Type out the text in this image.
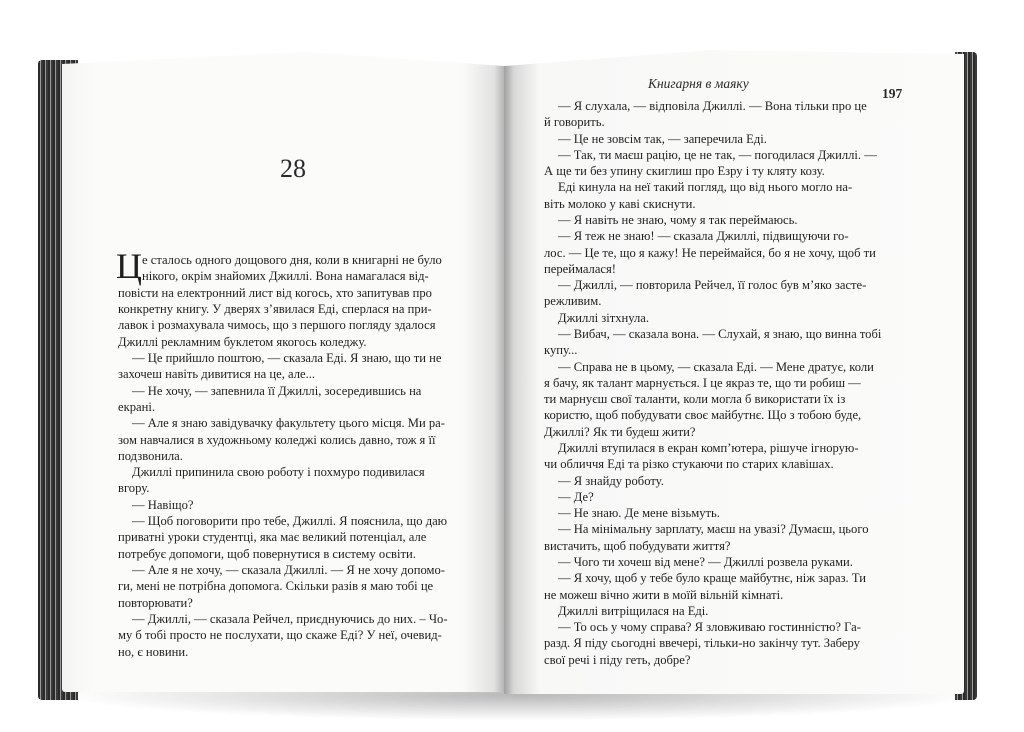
28
Ц
Книгарня в маяку
197
е сталось одного дощового дня, коли в книгарні не було
нікого, окрім знайомих Джиллі. Вона намагалася від-
повісти на електронний лист від когось, хто запитував про
конкретну книгу. У дверях з’явилася Еді, сперлася на при-
лавок і розмахувала чимось, що з першого погляду здалося
Джиллі рекламним буклетом якогось коледжу.
— Це прийшло поштою, — сказала Еді. Я знаю, що ти не
захочеш навіть дивитися на це, але...
— Не хочу, — запевнила її Джиллі, зосередившись на
екрані.
— Але я знаю завідувачку факультету цього місця. Ми ра-
зом навчалися в художньому коледжі колись давно, тож я її
подзвонила.
Джиллі припинила свою роботу і похмуро подивилася
вгору.
— Навіщо?
— Щоб поговорити про тебе, Джиллі. Я пояснила, що даю
приватні уроки студентці, яка має великий потенціал, але
потребує допомоги, щоб повернутися в систему освіти.
— Але я не хочу, — сказала Джиллі. — Я не хочу допомо-
ги, мені не потрібна допомога. Скільки разів я маю тобі це
повторювати?
— Джиллі, — сказала Рейчел, приєднуючись до них. – Чо-
му б тобі просто не послухати, що скаже Еді? У неї, очевид-
но, є новини.
— Я слухала, — відповіла Джиллі. — Вона тільки про це
й говорить.
— Це не зовсім так, — заперечила Еді.
— Так, ти маєш рацію, це не так, — погодилася Джиллі. —
А ще ти без упину скиглиш про Езру і ту кляту козу.
Еді кинула на неї такий погляд, що від нього могло на-
віть молоко у каві скиснути.
— Я навіть не знаю, чому я так переймаюсь.
— Я теж не знаю! — сказала Джиллі, підвищуючи го-
лос. — Це те, що я кажу! Не переймайся, бо я не хочу, щоб ти
переймалася!
— Джиллі, — повторила Рейчел, її голос був м’яко засте-
режливим.
Джиллі зітхнула.
— Вибач, — сказала вона. — Слухай, я знаю, що винна тобі
купу...
— Справа не в цьому, — сказала Еді. — Мене дратує, коли
я бачу, як талант марнується. І це якраз те, що ти робиш —
ти марнуєш свої таланти, коли могла б використати їх із
користю, щоб побудувати своє майбутнє. Що з тобою буде,
Джиллі? Як ти будеш жити?
Джиллі втупилася в екран комп’ютера, рішуче ігнорую-
чи обличчя Еді та різко стукаючи по старих клавішах.
— Я знайду роботу.
— Де?
— Не знаю. Де мене візьмуть.
— На мінімальну зарплату, маєш на увазі? Думаєш, цього
вистачить, щоб побудувати життя?
— Чого ти хочеш від мене? — Джиллі розвела руками.
— Я хочу, щоб у тебе було краще майбутнє, ніж зараз. Ти
не можеш вічно жити в моїй вільній кімнаті.
Джиллі витріщилася на Еді.
— То ось у чому справа? Я зловживаю гостинністю? Га-
разд. Я піду сьогодні ввечері, тільки-но закінчу тут. Заберу
свої речі і піду геть, добре?
